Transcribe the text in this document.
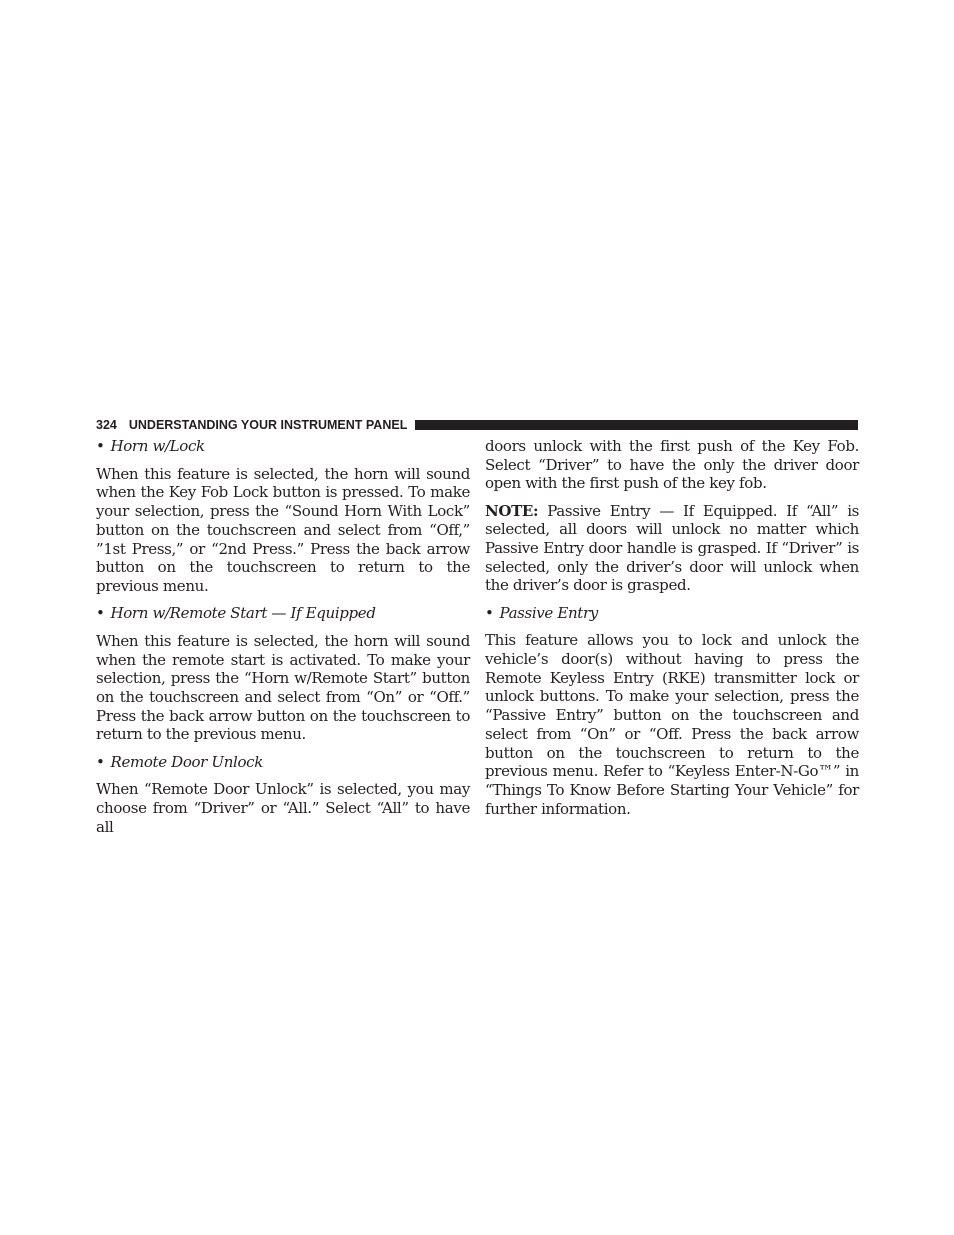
324 UNDERSTANDING YOUR INSTRUMENT PANEL

• Horn w/Lock

When this feature is selected, the horn will sound when the Key Fob Lock button is pressed. To make your selection, press the “Sound Horn With Lock” button on the touchscreen and select from “Off,” ”1st Press,” or “2nd Press.” Press the back arrow button on the touchscreen to return to the previous menu.

• Horn w/Remote Start — If Equipped

When this feature is selected, the horn will sound when the remote start is activated. To make your selection, press the “Horn w/Remote Start” button on the touchscreen and select from “On” or “Off.” Press the back arrow button on the touchscreen to return to the previous menu.

• Remote Door Unlock

When “Remote Door Unlock” is selected, you may choose from “Driver” or “All.” Select “All” to have all

doors unlock with the first push of the Key Fob. Select “Driver” to have the only the driver door open with the first push of the key fob.

NOTE: Passive Entry — If Equipped. If “All” is selected, all doors will unlock no matter which Passive Entry door handle is grasped. If “Driver” is selected, only the driver’s door will unlock when the driver’s door is grasped.

• Passive Entry

This feature allows you to lock and unlock the vehicle’s door(s) without having to press the Remote Keyless Entry (RKE) transmitter lock or unlock buttons. To make your selection, press the “Passive Entry” button on the touchscreen and select from “On” or “Off. Press the back arrow button on the touchscreen to return to the previous menu. Refer to “Keyless Enter-N-Go™” in “Things To Know Before Starting Your Vehicle” for further information.
